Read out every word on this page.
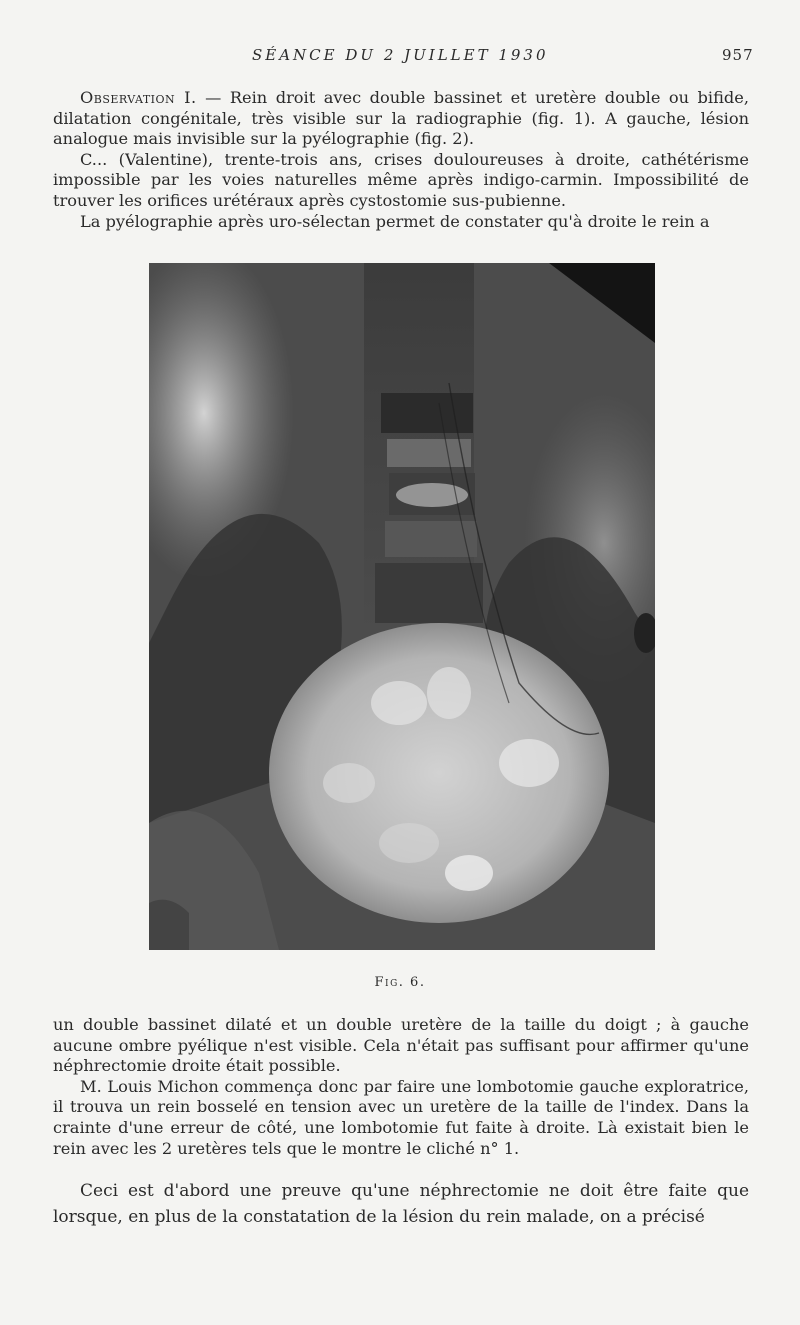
SÉANCE DU 2 JUILLET 1930	957

Observation I. — Rein droit avec double bassinet et uretère double ou bifide, dilatation congénitale, très visible sur la radiographie (fig. 1). A gauche, lésion analogue mais invisible sur la pyélographie (fig. 2).

C... (Valentine), trente-trois ans, crises douloureuses à droite, cathétérisme impossible par les voies naturelles même après indigo-carmin. Impossibilité de trouver les orifices urétéraux après cystostomie sus-pubienne.

La pyélographie après uro-sélectan permet de constater qu'à droite le rein a

Fig. 6.

un double bassinet dilaté et un double uretère de la taille du doigt ; à gauche aucune ombre pyélique n'est visible. Cela n'était pas suffisant pour affirmer qu'une néphrectomie droite était possible.

M. Louis Michon commença donc par faire une lombotomie gauche exploratrice, il trouva un rein bosselé en tension avec un uretère de la taille de l'index. Dans la crainte d'une erreur de côté, une lombotomie fut faite à droite. Là existait bien le rein avec les 2 uretères tels que le montre le cliché n° 1.

Ceci est d'abord une preuve qu'une néphrectomie ne doit être faite que lorsque, en plus de la constatation de la lésion du rein malade, on a précisé
